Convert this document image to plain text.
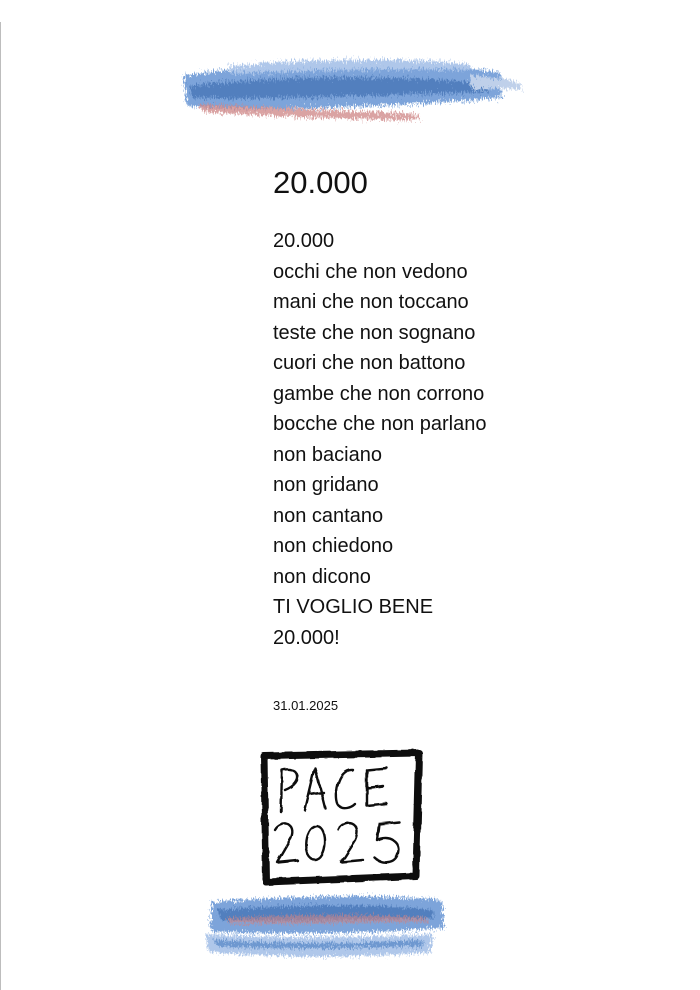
20.000
20.000
occhi che non vedono
mani che non toccano
teste che non sognano
cuori che non battono
gambe che non corrono
bocche che non parlano
non baciano
non gridano
non cantano
non chiedono
non dicono
TI VOGLIO BENE
20.000!
31.01.2025
